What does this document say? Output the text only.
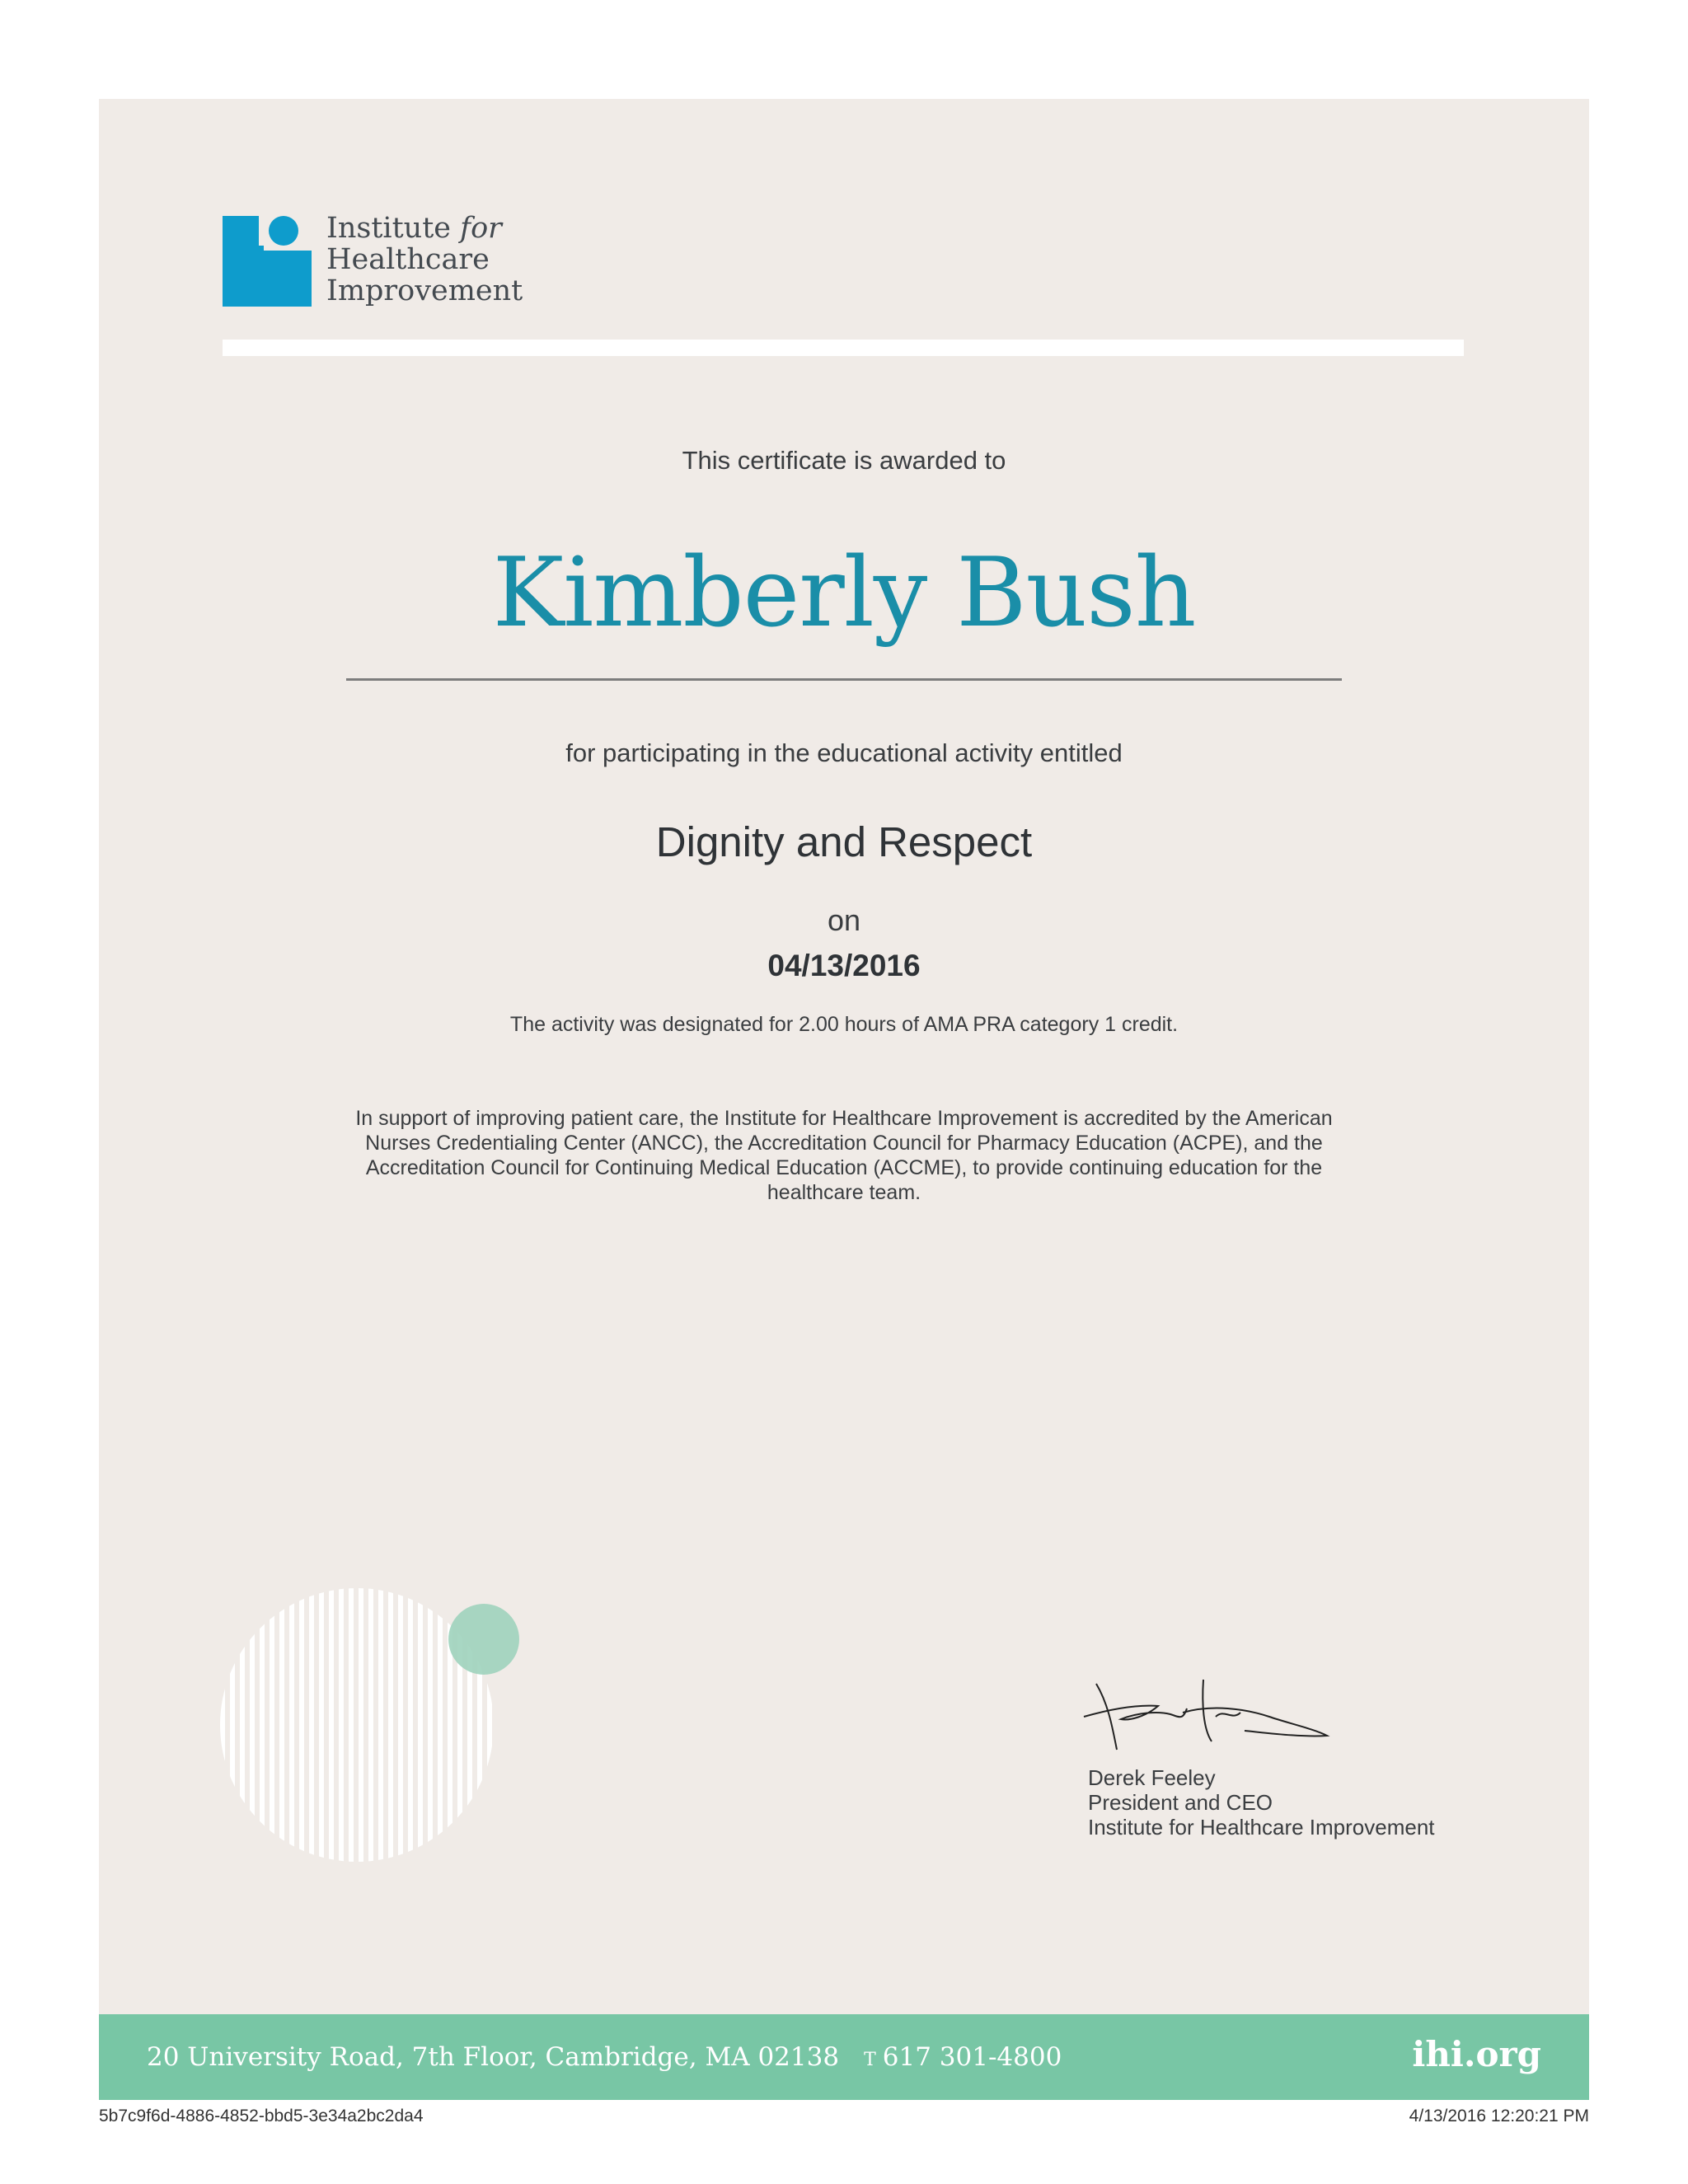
Institute for
Healthcare
Improvement
This certificate is awarded to
Kimberly Bush
for participating in the educational activity entitled
Dignity and Respect
on
04/13/2016
The activity was designated for 2.00 hours of AMA PRA category 1 credit.
In support of improving patient care, the Institute for Healthcare Improvement is accredited by the American Nurses Credentialing Center (ANCC), the Accreditation Council for Pharmacy Education (ACPE), and the Accreditation Council for Continuing Medical Education (ACCME), to provide continuing education for the healthcare team.
Derek Feeley
President and CEO
Institute for Healthcare Improvement
20 University Road, 7th Floor, Cambridge, MA 02138 T 617 301-4800	ihi.org
5b7c9f6d-4886-4852-bbd5-3e34a2bc2da4	4/13/2016 12:20:21 PM
